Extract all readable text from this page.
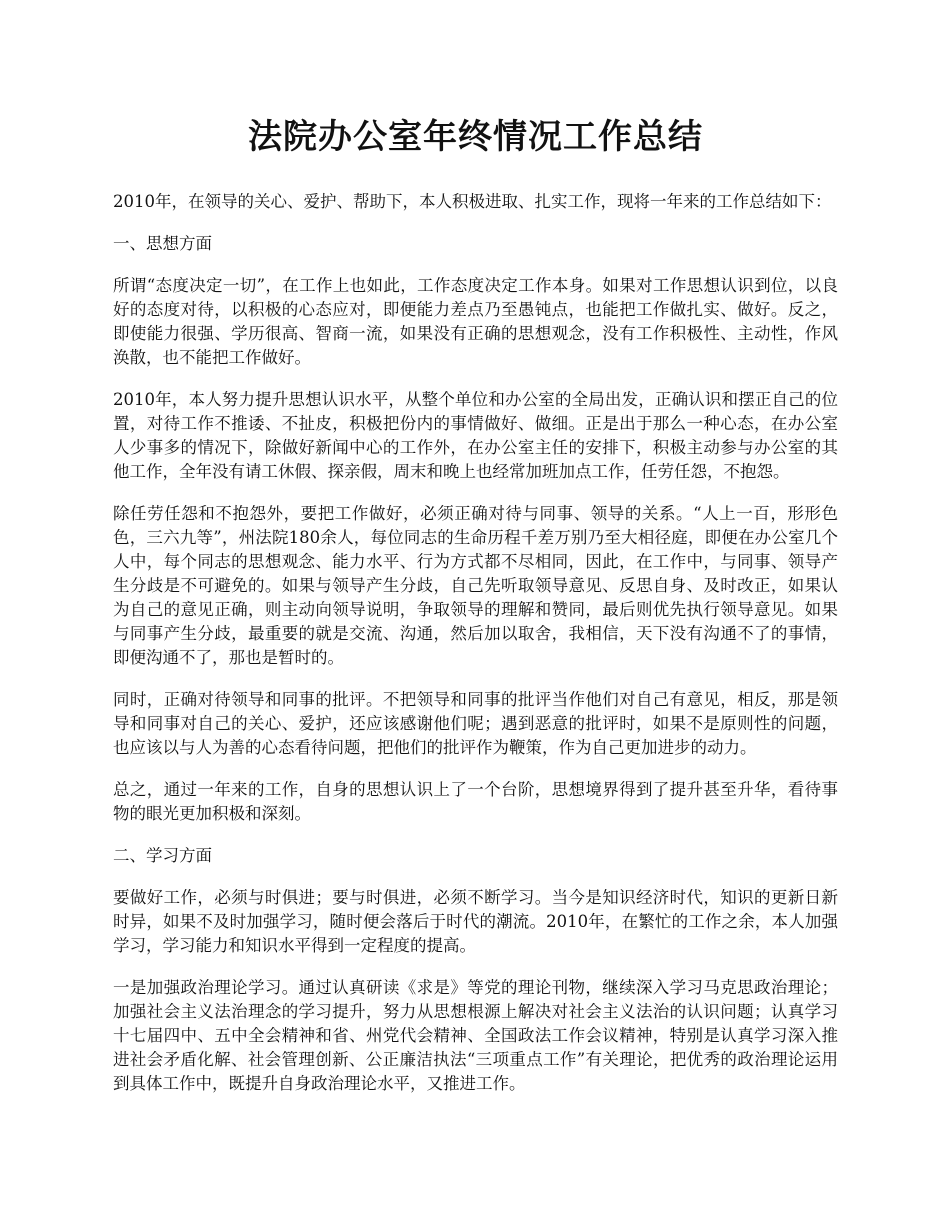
法院办公室年终情况工作总结

2010年，在领导的关心、爱护、帮助下，本人积极进取、扎实工作，现将一年来的工作总结如下：

一、思想方面

所谓“态度决定一切”，在工作上也如此，工作态度决定工作本身。如果对工作思想认识到位，以良好的态度对待，以积极的心态应对，即便能力差点乃至愚钝点，也能把工作做扎实、做好。反之，即使能力很强、学历很高、智商一流，如果没有正确的思想观念，没有工作积极性、主动性，作风涣散，也不能把工作做好。

2010年，本人努力提升思想认识水平，从整个单位和办公室的全局出发，正确认识和摆正自己的位置，对待工作不推诿、不扯皮，积极把份内的事情做好、做细。正是出于那么一种心态，在办公室人少事多的情况下，除做好新闻中心的工作外，在办公室主任的安排下，积极主动参与办公室的其他工作，全年没有请工休假、探亲假，周末和晚上也经常加班加点工作，任劳任怨，不抱怨。

除任劳任怨和不抱怨外，要把工作做好，必须正确对待与同事、领导的关系。“人上一百，形形色色，三六九等”，州法院180余人，每位同志的生命历程千差万别乃至大相径庭，即便在办公室几个人中，每个同志的思想观念、能力水平、行为方式都不尽相同，因此，在工作中，与同事、领导产生分歧是不可避免的。如果与领导产生分歧，自己先听取领导意见、反思自身、及时改正，如果认为自己的意见正确，则主动向领导说明，争取领导的理解和赞同，最后则优先执行领导意见。如果与同事产生分歧，最重要的就是交流、沟通，然后加以取舍，我相信，天下没有沟通不了的事情，即便沟通不了，那也是暂时的。

同时，正确对待领导和同事的批评。不把领导和同事的批评当作他们对自己有意见，相反，那是领导和同事对自己的关心、爱护，还应该感谢他们呢；遇到恶意的批评时，如果不是原则性的问题，也应该以与人为善的心态看待问题，把他们的批评作为鞭策，作为自己更加进步的动力。

总之，通过一年来的工作，自身的思想认识上了一个台阶，思想境界得到了提升甚至升华，看待事物的眼光更加积极和深刻。

二、学习方面

要做好工作，必须与时俱进；要与时俱进，必须不断学习。当今是知识经济时代，知识的更新日新时异，如果不及时加强学习，随时便会落后于时代的潮流。2010年，在繁忙的工作之余，本人加强学习，学习能力和知识水平得到一定程度的提高。

一是加强政治理论学习。通过认真研读《求是》等党的理论刊物，继续深入学习马克思政治理论；加强社会主义法治理念的学习提升，努力从思想根源上解决对社会主义法治的认识问题；认真学习十七届四中、五中全会精神和省、州党代会精神、全国政法工作会议精神，特别是认真学习深入推进社会矛盾化解、社会管理创新、公正廉洁执法“三项重点工作”有关理论，把优秀的政治理论运用到具体工作中，既提升自身政治理论水平，又推进工作。
